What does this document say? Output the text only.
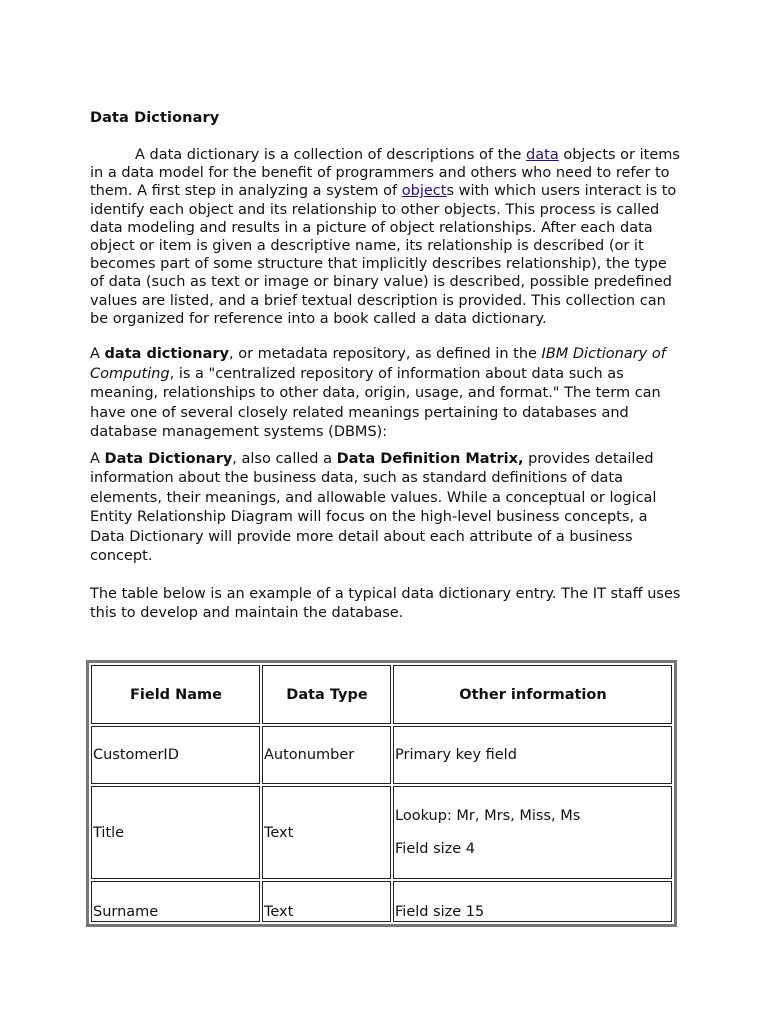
Data Dictionary

A data dictionary is a collection of descriptions of the data objects or items in a data model for the benefit of programmers and others who need to refer to them. A first step in analyzing a system of objects with which users interact is to identify each object and its relationship to other objects. This process is called data modeling and results in a picture of object relationships. After each data object or item is given a descriptive name, its relationship is described (or it becomes part of some structure that implicitly describes relationship), the type of data (such as text or image or binary value) is described, possible predefined values are listed, and a brief textual description is provided. This collection can be organized for reference into a book called a data dictionary.

A data dictionary, or metadata repository, as defined in the IBM Dictionary of Computing, is a "centralized repository of information about data such as meaning, relationships to other data, origin, usage, and format." The term can have one of several closely related meanings pertaining to databases and database management systems (DBMS):

A Data Dictionary, also called a Data Definition Matrix, provides detailed information about the business data, such as standard definitions of data elements, their meanings, and allowable values. While a conceptual or logical Entity Relationship Diagram will focus on the high-level business concepts, a Data Dictionary will provide more detail about each attribute of a business concept.

The table below is an example of a typical data dictionary entry. The IT staff uses this to develop and maintain the database.

Field Name	Data Type	Other information
CustomerID	Autonumber	Primary key field

Title	Text	Lookup: Mr, Mrs, Miss, Ms
Field size 4

Surname	Text	Field size 15
